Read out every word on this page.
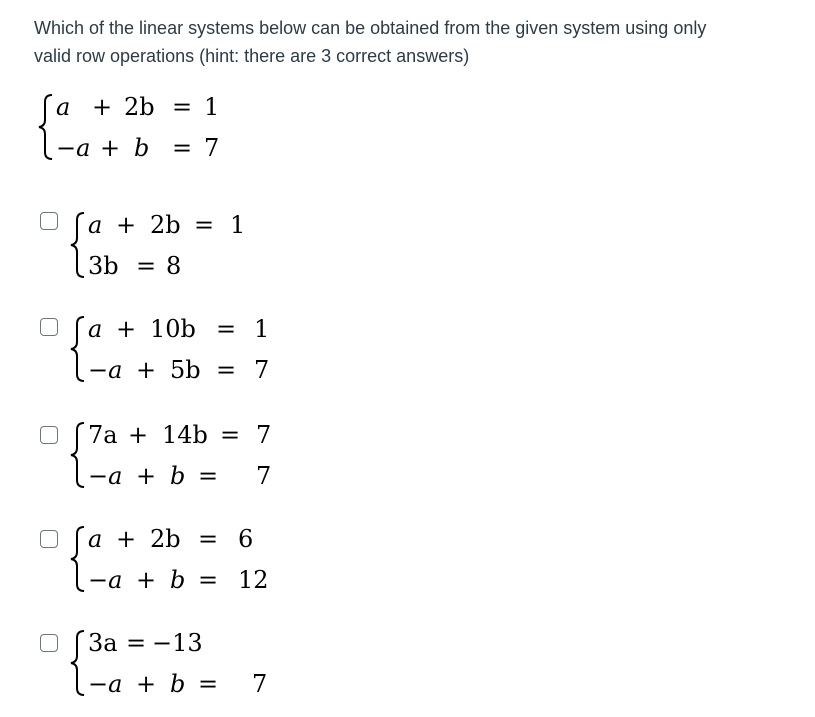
Which of the linear systems below can be obtained from the given system using only
valid row operations (hint: there are 3 correct answers)
a + 2b = 1
−a + b = 7
a + 2b = 1
3b = 8
a + 10b = 1
−a + 5b = 7
7a + 14b = 7
−a + b = 7
a + 2b = 6
−a + b = 12
3a = −13
−a + b = 7
